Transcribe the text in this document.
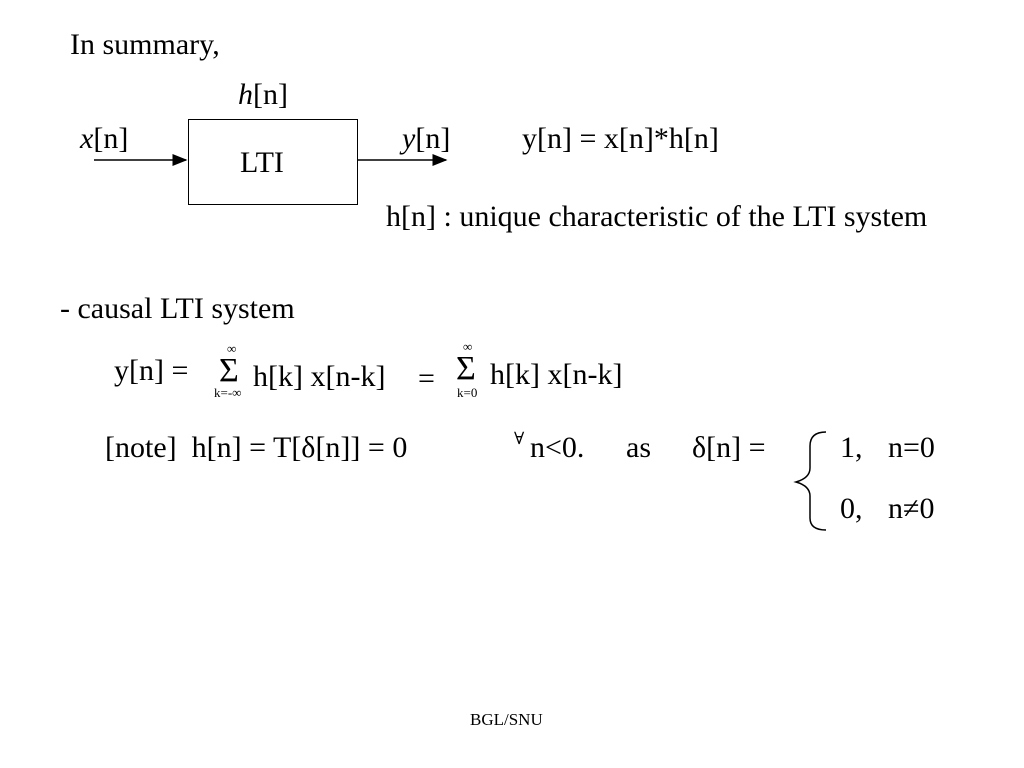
In summary,
h[n]
x[n]
LTI
y[n] y[n] = x[n]*h[n]
h[n] : unique characteristic of the LTI system
- causal LTI system
y[n] =
∞
Σ
k=-∞ h[k] x[n-k] =
∞
Σ
k=0
h[k] x[n-k]
[note]  h[n] = T[δ[n]] = 0	∀ n<0. as δ[n] = 1, n=0
0, n≠0
BGL/SNU
